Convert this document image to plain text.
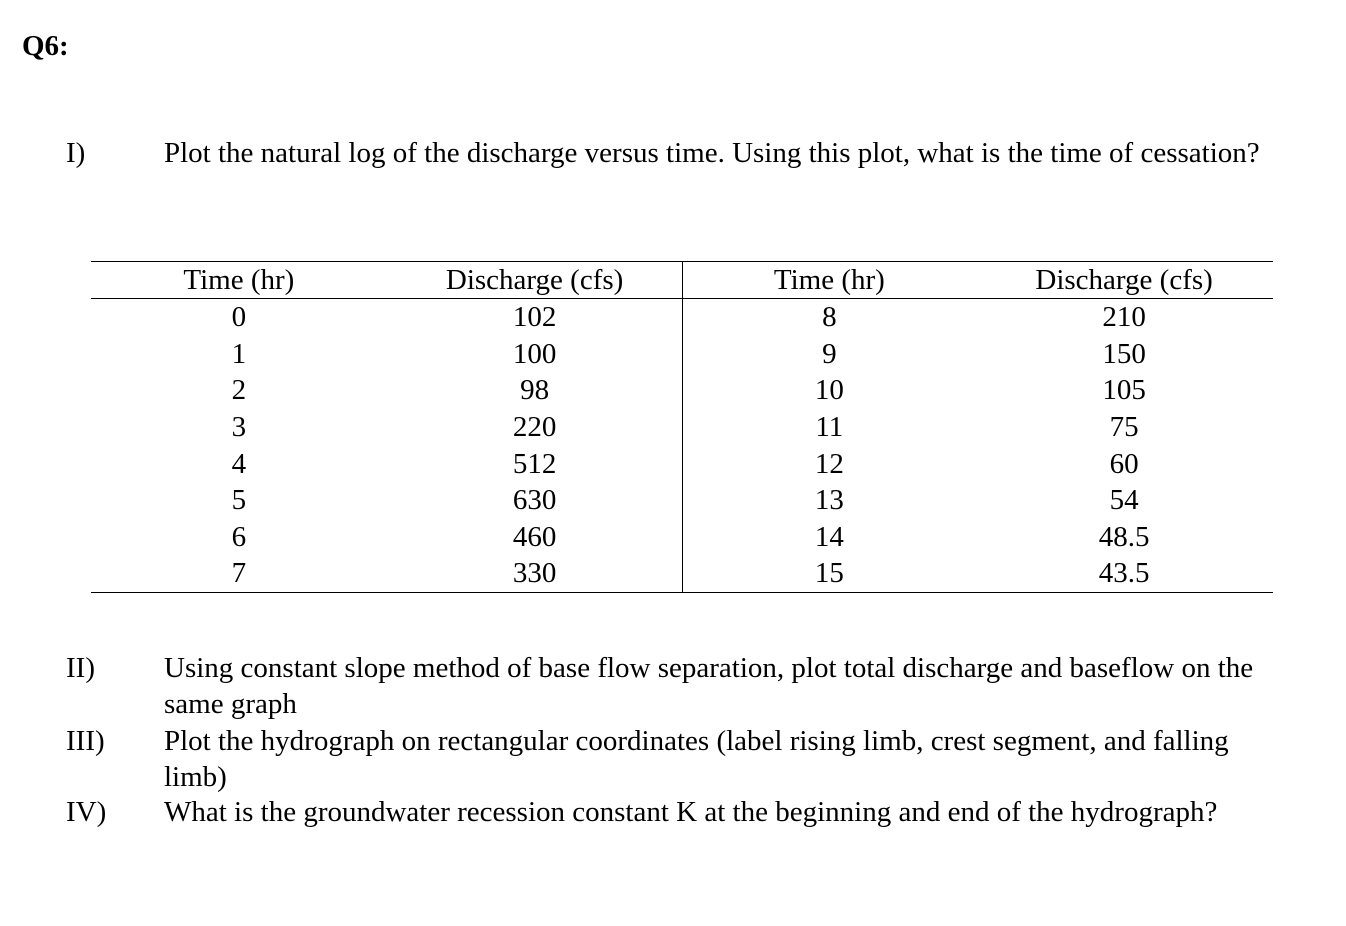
Q6:
I)	Plot the natural log of the discharge versus time. Using this plot, what is the time of cessation?
Time (hr)	Discharge (cfs)	Time (hr)	Discharge (cfs)
0	102	8	210
1	100	9	150
2	98	10	105
3	220	11	75
4	512	12	60
5	630	13	54
6	460	14	48.5
7	330	15	43.5
II) Using constant slope method of base flow separation, plot total discharge and baseflow on the same graph
III) Plot the hydrograph on rectangular coordinates (label rising limb, crest segment, and falling limb)
IV) What is the groundwater recession constant K at the beginning and end of the hydrograph?
